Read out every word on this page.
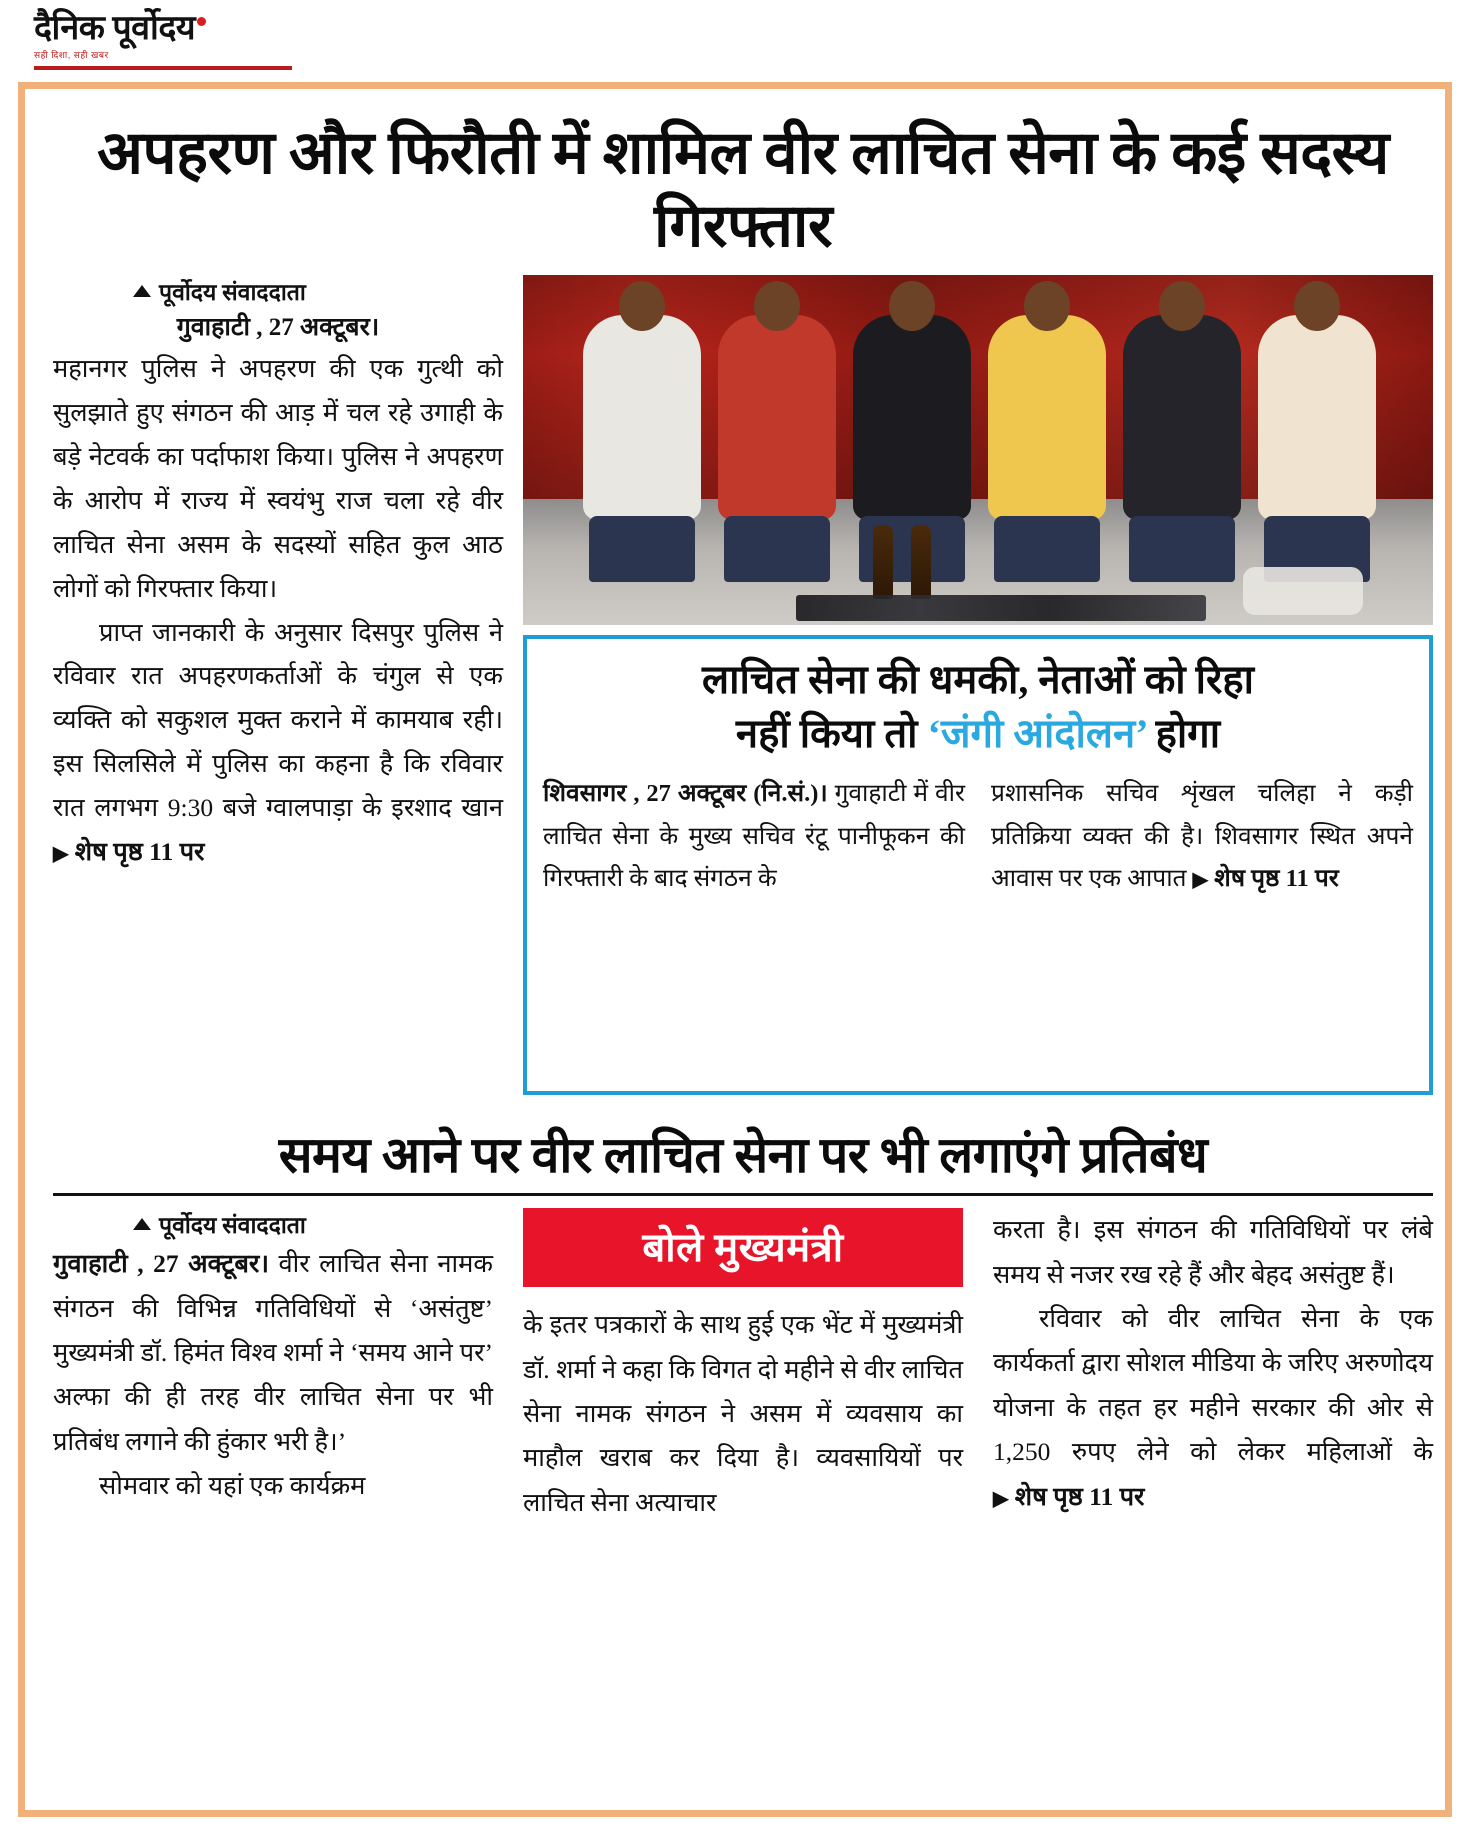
दैनिक पूर्वोदय
सही दिशा, सही खबर
अपहरण और फिरौती में शामिल वीर लाचित सेना के कई सदस्य गिरफ्तार
पूर्वोदय संवाददाता
गुवाहाटी , 27 अक्टूबर।

महानगर पुलिस ने अपहरण की एक गुत्थी को सुलझाते हुए संगठन की आड़ में चल रहे उगाही के बड़े नेटवर्क का पर्दाफाश किया। पुलिस ने अपहरण के आरोप में राज्य में स्वयंभु राज चला रहे वीर लाचित सेना असम के सदस्यों सहित कुल आठ लोगों को गिरफ्तार किया।

प्राप्त जानकारी के अनुसार दिसपुर पुलिस ने रविवार रात अपहरणकर्ताओं के चंगुल से एक व्यक्ति को सकुशल मुक्त कराने में कामयाब रही। इस सिलसिले में पुलिस का कहना है कि रविवार रात लगभग 9:30 बजे ग्वालपाड़ा के इरशाद खान ▶ शेष पृष्ठ 11 पर

लाचित सेना की धमकी, नेताओं को रिहा
नहीं किया तो ‘जंगी आंदोलन’ होगा
शिवसागर , 27 अक्टूबर (नि.सं.)। गुवाहाटी में वीर लाचित सेना के मुख्य सचिव रंटू पानीफूकन की गिरफ्तारी के बाद संगठन के
प्रशासनिक सचिव शृंखल चलिहा ने कड़ी प्रतिक्रिया व्यक्त की है। शिवसागर स्थित अपने आवास पर एक आपात ▶ शेष पृष्ठ 11 पर
समय आने पर वीर लाचित सेना पर भी लगाएंगे प्रतिबंध
पूर्वोदय संवाददाता

गुवाहाटी , 27 अक्टूबर। वीर लाचित सेना नामक संगठन की विभिन्न गतिविधियों से ‘असंतुष्ट’ मुख्यमंत्री डॉ. हिमंत विश्व शर्मा ने ‘समय आने पर’ अल्फा की ही तरह वीर लाचित सेना पर भी प्रतिबंध लगाने की हुंकार भरी है।’

सोमवार को यहां एक कार्यक्रम

बोले मुख्यमंत्री

के इतर पत्रकारों के साथ हुई एक भेंट में मुख्यमंत्री डॉ. शर्मा ने कहा कि विगत दो महीने से वीर लाचित सेना नामक संगठन ने असम में व्यवसाय का माहौल खराब कर दिया है। व्यवसायियों पर लाचित सेना अत्याचार

करता है। इस संगठन की गतिविधियों पर लंबे समय से नजर रख रहे हैं और बेहद असंतुष्ट हैं।

रविवार को वीर लाचित सेना के एक कार्यकर्ता द्वारा सोशल मीडिया के जरिए अरुणोदय योजना के तहत हर महीने सरकार की ओर से 1,250 रुपए लेने को लेकर महिलाओं के ▶ शेष पृष्ठ 11 पर
